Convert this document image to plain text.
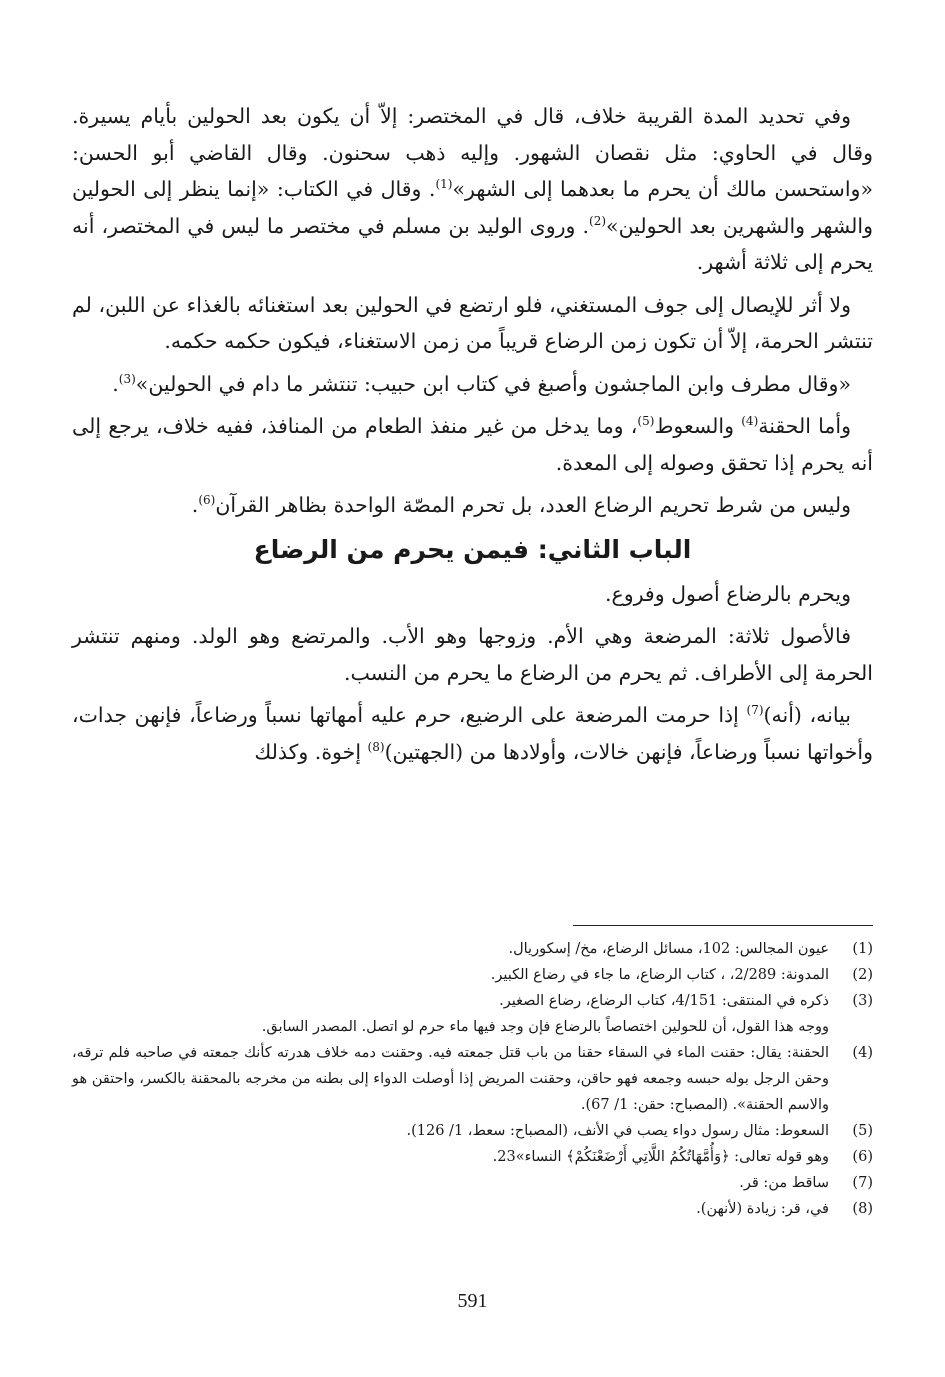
وفي تحديد المدة القريبة خلاف، قال في المختصر: إلاّ أن يكون بعد الحولين بأيام يسيرة. وقال في الحاوي: مثل نقصان الشهور. وإليه ذهب سحنون. وقال القاضي أبو الحسن: «واستحسن مالك أن يحرم ما بعدهما إلى الشهر»$^{(1)}$. وقال في الكتاب: «إنما ينظر إلى الحولين والشهر والشهرين بعد الحولين»$^{(2)}$. وروى الوليد بن مسلم في مختصر ما ليس في المختصر، أنه يحرم إلى ثلاثة أشهر.

ولا أثر للإيصال إلى جوف المستغني، فلو ارتضع في الحولين بعد استغنائه بالغذاء عن اللبن، لم تنتشر الحرمة، إلاّ أن تكون زمن الرضاع قريباً من زمن الاستغناء، فيكون حكمه حكمه.

«وقال مطرف وابن الماجشون وأصبغ في كتاب ابن حبيب: تنتشر ما دام في الحولين»$^{(3)}$.

وأما الحقنة$^{(4)}$ والسعوط$^{(5)}$، وما يدخل من غير منفذ الطعام من المنافذ، ففيه خلاف، يرجع إلى أنه يحرم إذا تحقق وصوله إلى المعدة.

وليس من شرط تحريم الرضاع العدد، بل تحرم المصّة الواحدة بظاهر القرآن$^{(6)}$.

الباب الثاني: فيمن يحرم من الرضاع

ويحرم بالرضاع أصول وفروع.

فالأصول ثلاثة: المرضعة وهي الأم. وزوجها وهو الأب. والمرتضع وهو الولد. ومنهم تنتشر الحرمة إلى الأطراف. ثم يحرم من الرضاع ما يحرم من النسب.

بيانه، (أنه)$^{(7)}$ إذا حرمت المرضعة على الرضيع، حرم عليه أمهاتها نسباً ورضاعاً، فإنهن جدات، وأخواتها نسباً ورضاعاً، فإنهن خالات، وأولادها من (الجهتين)$^{(8)}$ إخوة. وكذلك

(1)
عيون المجالس: 102، مسائل الرضاع، مخ/ إسكوريال.
(2)
المدونة: 2/289، ، كتاب الرضاع، ما جاء في رضاع الكبير.
(3)
ذكره في المنتقى: 4/151، كتاب الرضاع، رضاع الصغير.
ووجه هذا القول، أن للحولين اختصاصاً بالرضاع فإن وجد فيها ماء حرم لو اتصل. المصدر السابق.
(4)
الحقنة: يقال: حقنت الماء في السقاء حقنا من باب قتل جمعته فيه. وحقنت دمه خلاف هدرته كأنك جمعته في صاحبه فلم ترقه، وحقن الرجل بوله حبسه وجمعه فهو حاقن، وحقنت المريض إذا أوصلت الدواء إلى بطنه من مخرجه بالمحقنة بالكسر، واحتقن هو والاسم الحقنة». (المصباح: حقن: 1/ 67).
(5)
السعوط: مثال رسول دواء يصب في الأنف، (المصباح: سعط، 1/ 126).
(6)
وهو قوله تعالى: ﴿وَأُمَّهَاتُكُمُ اللَّاتِي أَرْضَعْنَكُمْ﴾ النساء»23.
(7)
ساقط من: قر.
(8)
في، قر: زيادة (لأنهن).
591
